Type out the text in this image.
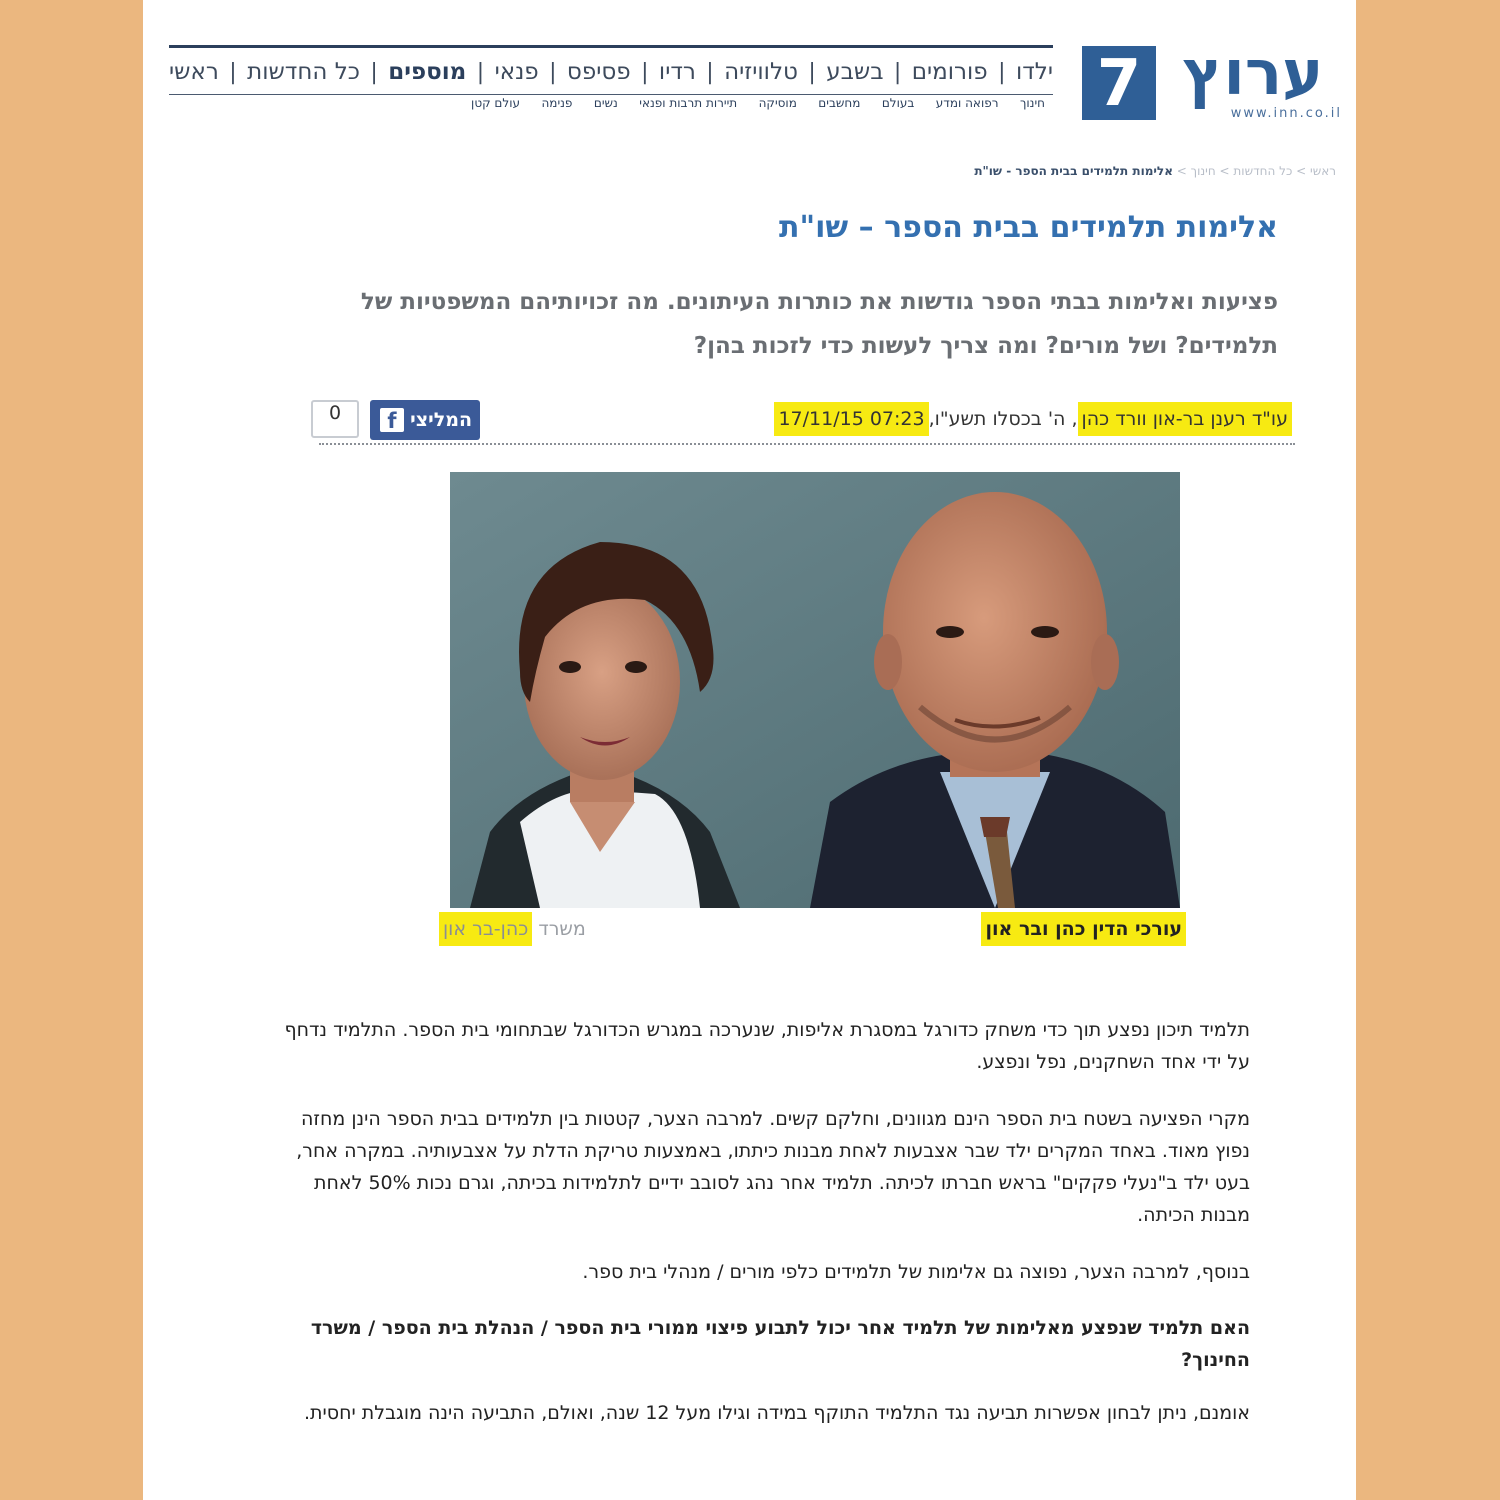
7 ערוץ
www.inn.co.il
ראשי | כל החדשות | מוספים | פנאי | פסיפס | רדיו | טלוויזיה | בשבע | פורומים | ילדו
חינוך
רפואה ומדע
בעולם
מחשבים
מוסיקה
תיירות תרבות ופנאי
נשים
פנימה
עולם קטן
ראשי > כל החדשות > חינוך > אלימות תלמידים בבית הספר - שו"ת
אלימות תלמידים בבית הספר – שו"ת
פציעות ואלימות בבתי הספר גודשות את כותרות העיתונים. מה זכויותיהם המשפטיות של תלמידים? ושל מורים? ומה צריך לעשות כדי לזכות בהן?
עו"ד רענן בר-און וורד כהן
, ה' בכסלו תשע"ו,
17/11/15 07:23
f המליצי
0
עורכי הדין כהן ובר און
משרד כהן-בר און
תלמיד תיכון נפצע תוך כדי משחק כדורגל במסגרת אליפות, שנערכה במגרש הכדורגל שבתחומי בית הספר. התלמיד נדחף על ידי אחד השחקנים, נפל ונפצע.
מקרי הפציעה בשטח בית הספר הינם מגוונים, וחלקם קשים. למרבה הצער, קטטות בין תלמידים בבית הספר הינן מחזה נפוץ מאוד. באחד המקרים ילד שבר אצבעות לאחת מבנות כיתתו, באמצעות טריקת הדלת על אצבעותיה. במקרה אחר, בעט ילד ב"נעלי פקקים" בראש חברתו לכיתה. תלמיד אחר נהג לסובב ידיים לתלמידות בכיתה, וגרם נכות 50% לאחת מבנות הכיתה.
בנוסף, למרבה הצער, נפוצה גם אלימות של תלמידים כלפי מורים / מנהלי בית ספר.
האם תלמיד שנפצע מאלימות של תלמיד אחר יכול לתבוע פיצוי ממורי בית הספר / הנהלת בית הספר / משרד החינוך?
אומנם, ניתן לבחון אפשרות תביעה נגד התלמיד התוקף במידה וגילו מעל 12 שנה, ואולם, התביעה הינה מוגבלת יחסית.
